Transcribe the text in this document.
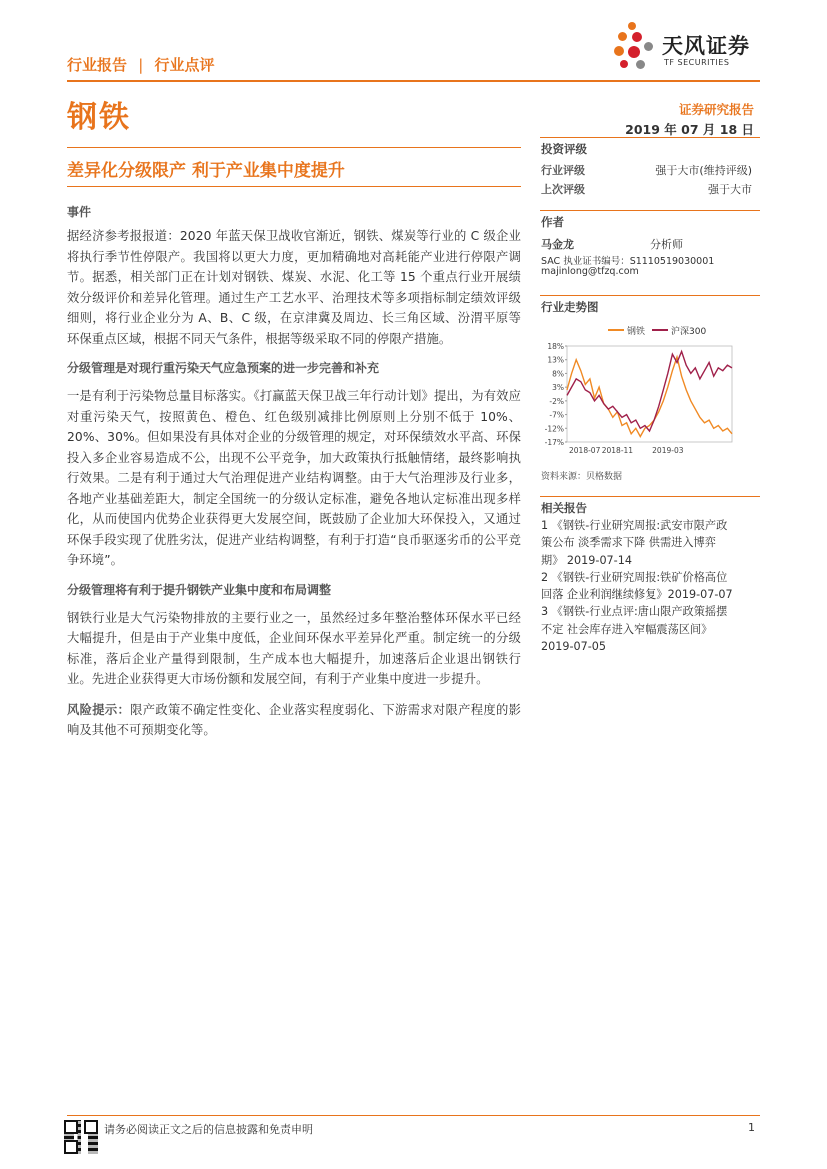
行业报告 | 行业点评
天风证券
TF SECURITIES
钢铁	证券研究报告
2019 年 07 月 18 日
差异化分级限产 利于产业集中度提升
事件

据经济参考报报道：2020 年蓝天保卫战收官渐近，钢铁、煤炭等行业的 C 级企业将执行季节性停限产。我国将以更大力度，更加精确地对高耗能产业进行停限产调节。据悉，相关部门正在计划对钢铁、煤炭、水泥、化工等 15 个重点行业开展绩效分级评价和差异化管理。通过生产工艺水平、治理技术等多项指标制定绩效评级细则，将行业企业分为 A、B、C 级，在京津冀及周边、长三角区域、汾渭平原等环保重点区域，根据不同天气条件，根据等级采取不同的停限产措施。

分级管理是对现行重污染天气应急预案的进一步完善和补充

一是有利于污染物总量目标落实。《打赢蓝天保卫战三年行动计划》提出，为有效应对重污染天气，按照黄色、橙色、红色级别减排比例原则上分别不低于 10%、20%、30%。但如果没有具体对企业的分级管理的规定，对环保绩效水平高、环保投入多企业容易造成不公，出现不公平竞争，加大政策执行抵触情绪，最终影响执行效果。二是有利于通过大气治理促进产业结构调整。由于大气治理涉及行业多，各地产业基础差距大，制定全国统一的分级认定标准，避免各地认定标准出现多样化，从而使国内优势企业获得更大发展空间，既鼓励了企业加大环保投入，又通过环保手段实现了优胜劣汰，促进产业结构调整，有利于打造“良币驱逐劣币的公平竞争环境”。

分级管理将有利于提升钢铁产业集中度和布局调整

钢铁行业是大气污染物排放的主要行业之一，虽然经过多年整治整体环保水平已经大幅提升，但是由于产业集中度低，企业间环保水平差异化严重。制定统一的分级标准，落后企业产量得到限制，生产成本也大幅提升，加速落后企业退出钢铁行业。先进企业获得更大市场份额和发展空间，有利于产业集中度进一步提升。

风险提示：限产政策不确定性变化、企业落实程度弱化、下游需求对限产程度的影响及其他不可预期变化等。

投资评级
行业评级	强于大市(维持评级)
上次评级	强于大市
作者
马金龙	分析师
SAC 执业证书编号：S1110519030001
majinlong@tfzq.com
行业走势图
钢铁	沪深300
18%
13%
8%
3%
-2%
-7%
-12%
-17%
2018-07 2018-11	2019-03
资料来源：贝格数据
相关报告
1 《钢铁-行业研究周报:武安市限产政
策公布 淡季需求下降 供需进入博弈
期》 2019-07-14
2 《钢铁-行业研究周报:铁矿价格高位
回落 企业利润继续修复》2019-07-07
3 《钢铁-行业点评:唐山限产政策摇摆
不定 社会库存进入窄幅震荡区间》
2019-07-05
请务必阅读正文之后的信息披露和免责申明	1
